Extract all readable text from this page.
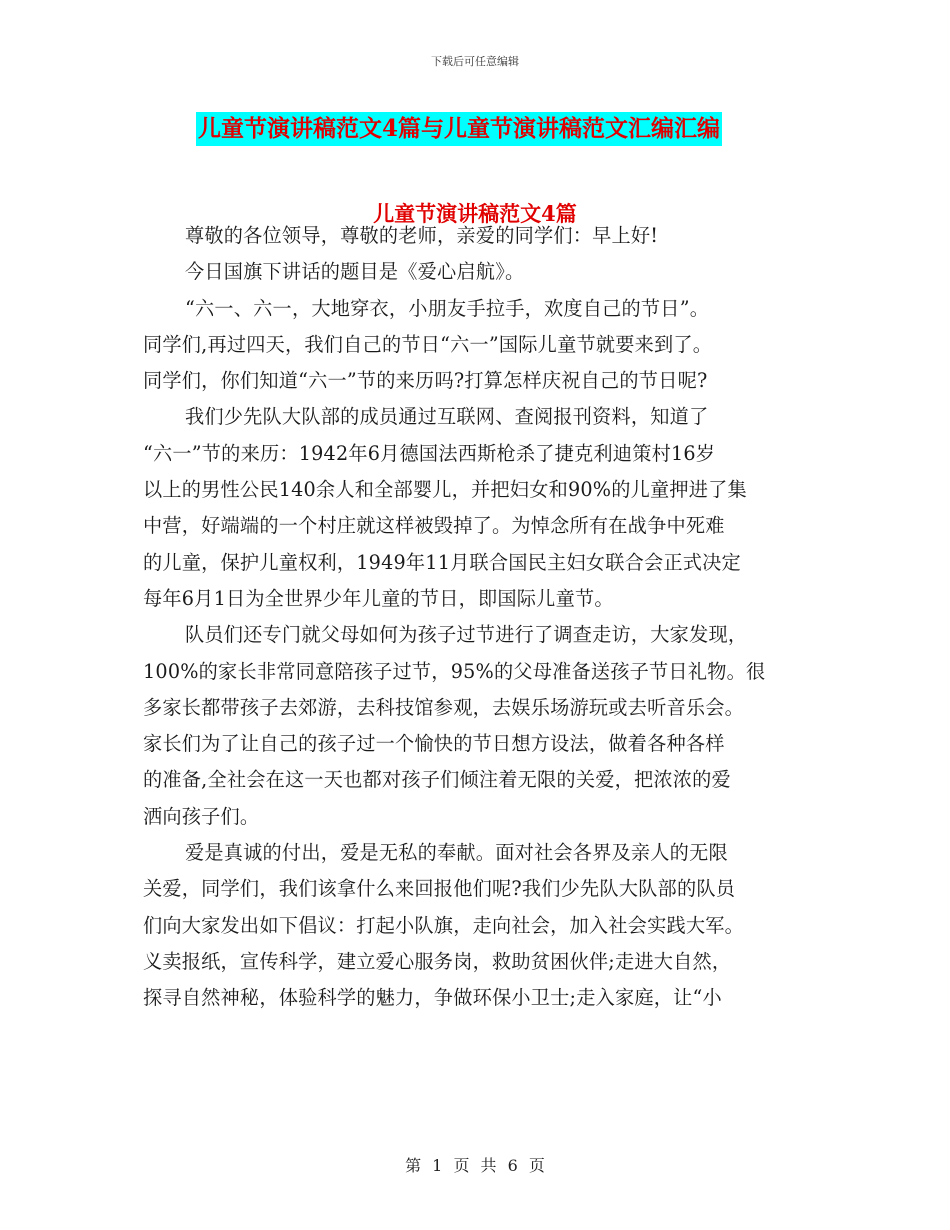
下载后可任意编辑
儿童节演讲稿范文4篇与儿童节演讲稿范文汇编汇编
儿童节演讲稿范文4篇
尊敬的各位领导，尊敬的老师，亲爱的同学们：早上好!
今日国旗下讲话的题目是《爱心启航》。
“六一、六一，大地穿衣，小朋友手拉手，欢度自己的节日”。
同学们,再过四天，我们自己的节日“六一”国际儿童节就要来到了。
同学们，你们知道“六一”节的来历吗?打算怎样庆祝自己的节日呢?
我们少先队大队部的成员通过互联网、查阅报刊资料，知道了
“六一”节的来历：1942年6月德国法西斯枪杀了捷克利迪策村16岁
以上的男性公民140余人和全部婴儿，并把妇女和90%的儿童押进了集
中营，好端端的一个村庄就这样被毁掉了。为悼念所有在战争中死难
的儿童，保护儿童权利，1949年11月联合国民主妇女联合会正式决定
每年6月1日为全世界少年儿童的节日，即国际儿童节。
队员们还专门就父母如何为孩子过节进行了调查走访，大家发现，
100%的家长非常同意陪孩子过节，95%的父母准备送孩子节日礼物。很
多家长都带孩子去郊游，去科技馆参观，去娱乐场游玩或去听音乐会。
家长们为了让自己的孩子过一个愉快的节日想方设法，做着各种各样
的准备,全社会在这一天也都对孩子们倾注着无限的关爱，把浓浓的爱
洒向孩子们。
爱是真诚的付出，爱是无私的奉献。面对社会各界及亲人的无限
关爱，同学们，我们该拿什么来回报他们呢?我们少先队大队部的队员
们向大家发出如下倡议：打起小队旗，走向社会，加入社会实践大军。
义卖报纸，宣传科学，建立爱心服务岗，救助贫困伙伴;走进大自然，
探寻自然神秘，体验科学的魅力，争做环保小卫士;走入家庭，让“小
第 1 页 共 6 页
